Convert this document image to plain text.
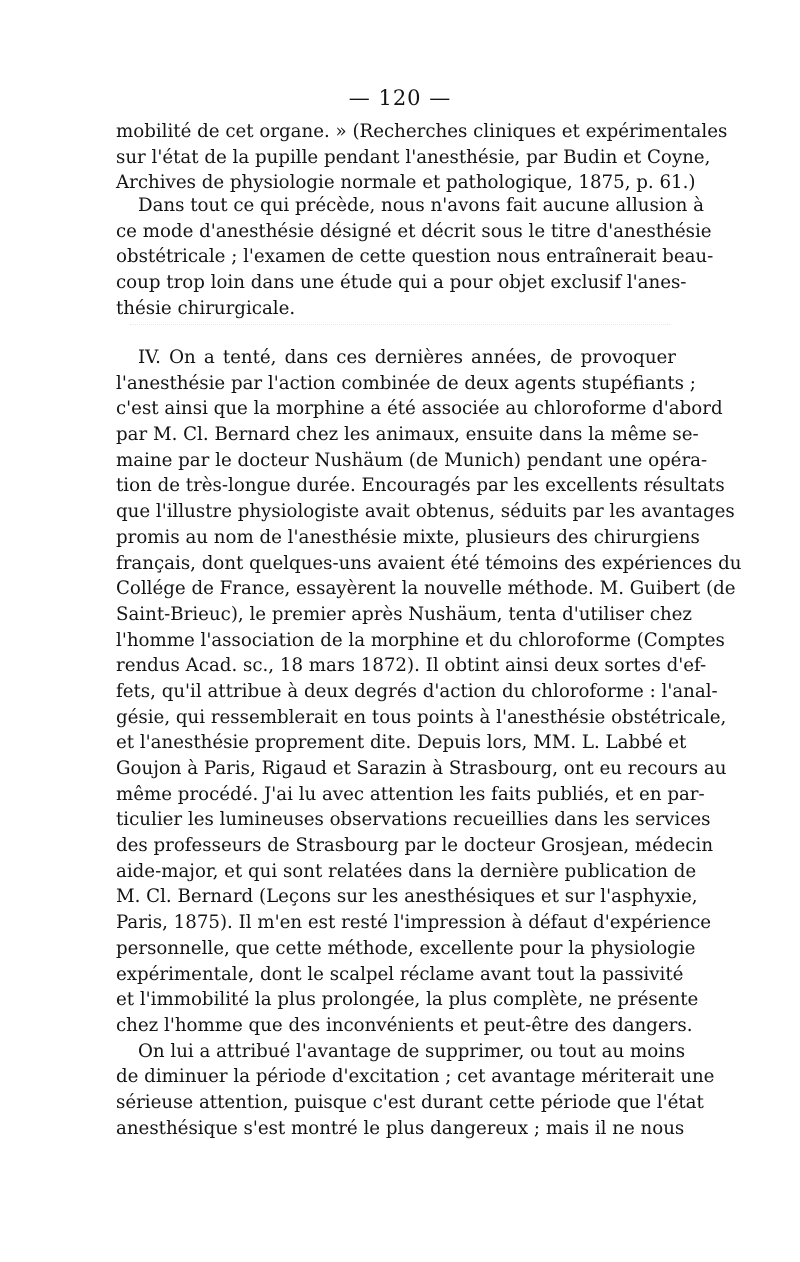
— 120 —
mobilité de cet organe. » (Recherches cliniques et expérimentales
sur l'état de la pupille pendant l'anesthésie, par Budin et Coyne,
Archives de physiologie normale et pathologique, 1875, p. 61.)
Dans tout ce qui précède, nous n'avons fait aucune allusion à
ce mode d'anesthésie désigné et décrit sous le titre d'anesthésie
obstétricale ; l'examen de cette question nous entraînerait beau-
coup trop loin dans une étude qui a pour objet exclusif l'anes-
thésie chirurgicale.
IV. On a tenté, dans ces dernières années, de provoquer
l'anesthésie par l'action combinée de deux agents stupéfiants ;
c'est ainsi que la morphine a été associée au chloroforme d'abord
par M. Cl. Bernard chez les animaux, ensuite dans la même se-
maine par le docteur Nushäum (de Munich) pendant une opéra-
tion de très-longue durée. Encouragés par les excellents résultats
que l'illustre physiologiste avait obtenus, séduits par les avantages
promis au nom de l'anesthésie mixte, plusieurs des chirurgiens
français, dont quelques-uns avaient été témoins des expériences du
Collége de France, essayèrent la nouvelle méthode. M. Guibert (de
Saint-Brieuc), le premier après Nushäum, tenta d'utiliser chez
l'homme l'association de la morphine et du chloroforme (Comptes
rendus Acad. sc., 18 mars 1872). Il obtint ainsi deux sortes d'ef-
fets, qu'il attribue à deux degrés d'action du chloroforme : l'anal-
gésie, qui ressemblerait en tous points à l'anesthésie obstétricale,
et l'anesthésie proprement dite. Depuis lors, MM. L. Labbé et
Goujon à Paris, Rigaud et Sarazin à Strasbourg, ont eu recours au
même procédé. J'ai lu avec attention les faits publiés, et en par-
ticulier les lumineuses observations recueillies dans les services
des professeurs de Strasbourg par le docteur Grosjean, médecin
aide-major, et qui sont relatées dans la dernière publication de
M. Cl. Bernard (Leçons sur les anesthésiques et sur l'asphyxie,
Paris, 1875). Il m'en est resté l'impression à défaut d'expérience
personnelle, que cette méthode, excellente pour la physiologie
expérimentale, dont le scalpel réclame avant tout la passivité
et l'immobilité la plus prolongée, la plus complète, ne présente
chez l'homme que des inconvénients et peut-être des dangers.
On lui a attribué l'avantage de supprimer, ou tout au moins
de diminuer la période d'excitation ; cet avantage mériterait une
sérieuse attention, puisque c'est durant cette période que l'état
anesthésique s'est montré le plus dangereux ; mais il ne nous
